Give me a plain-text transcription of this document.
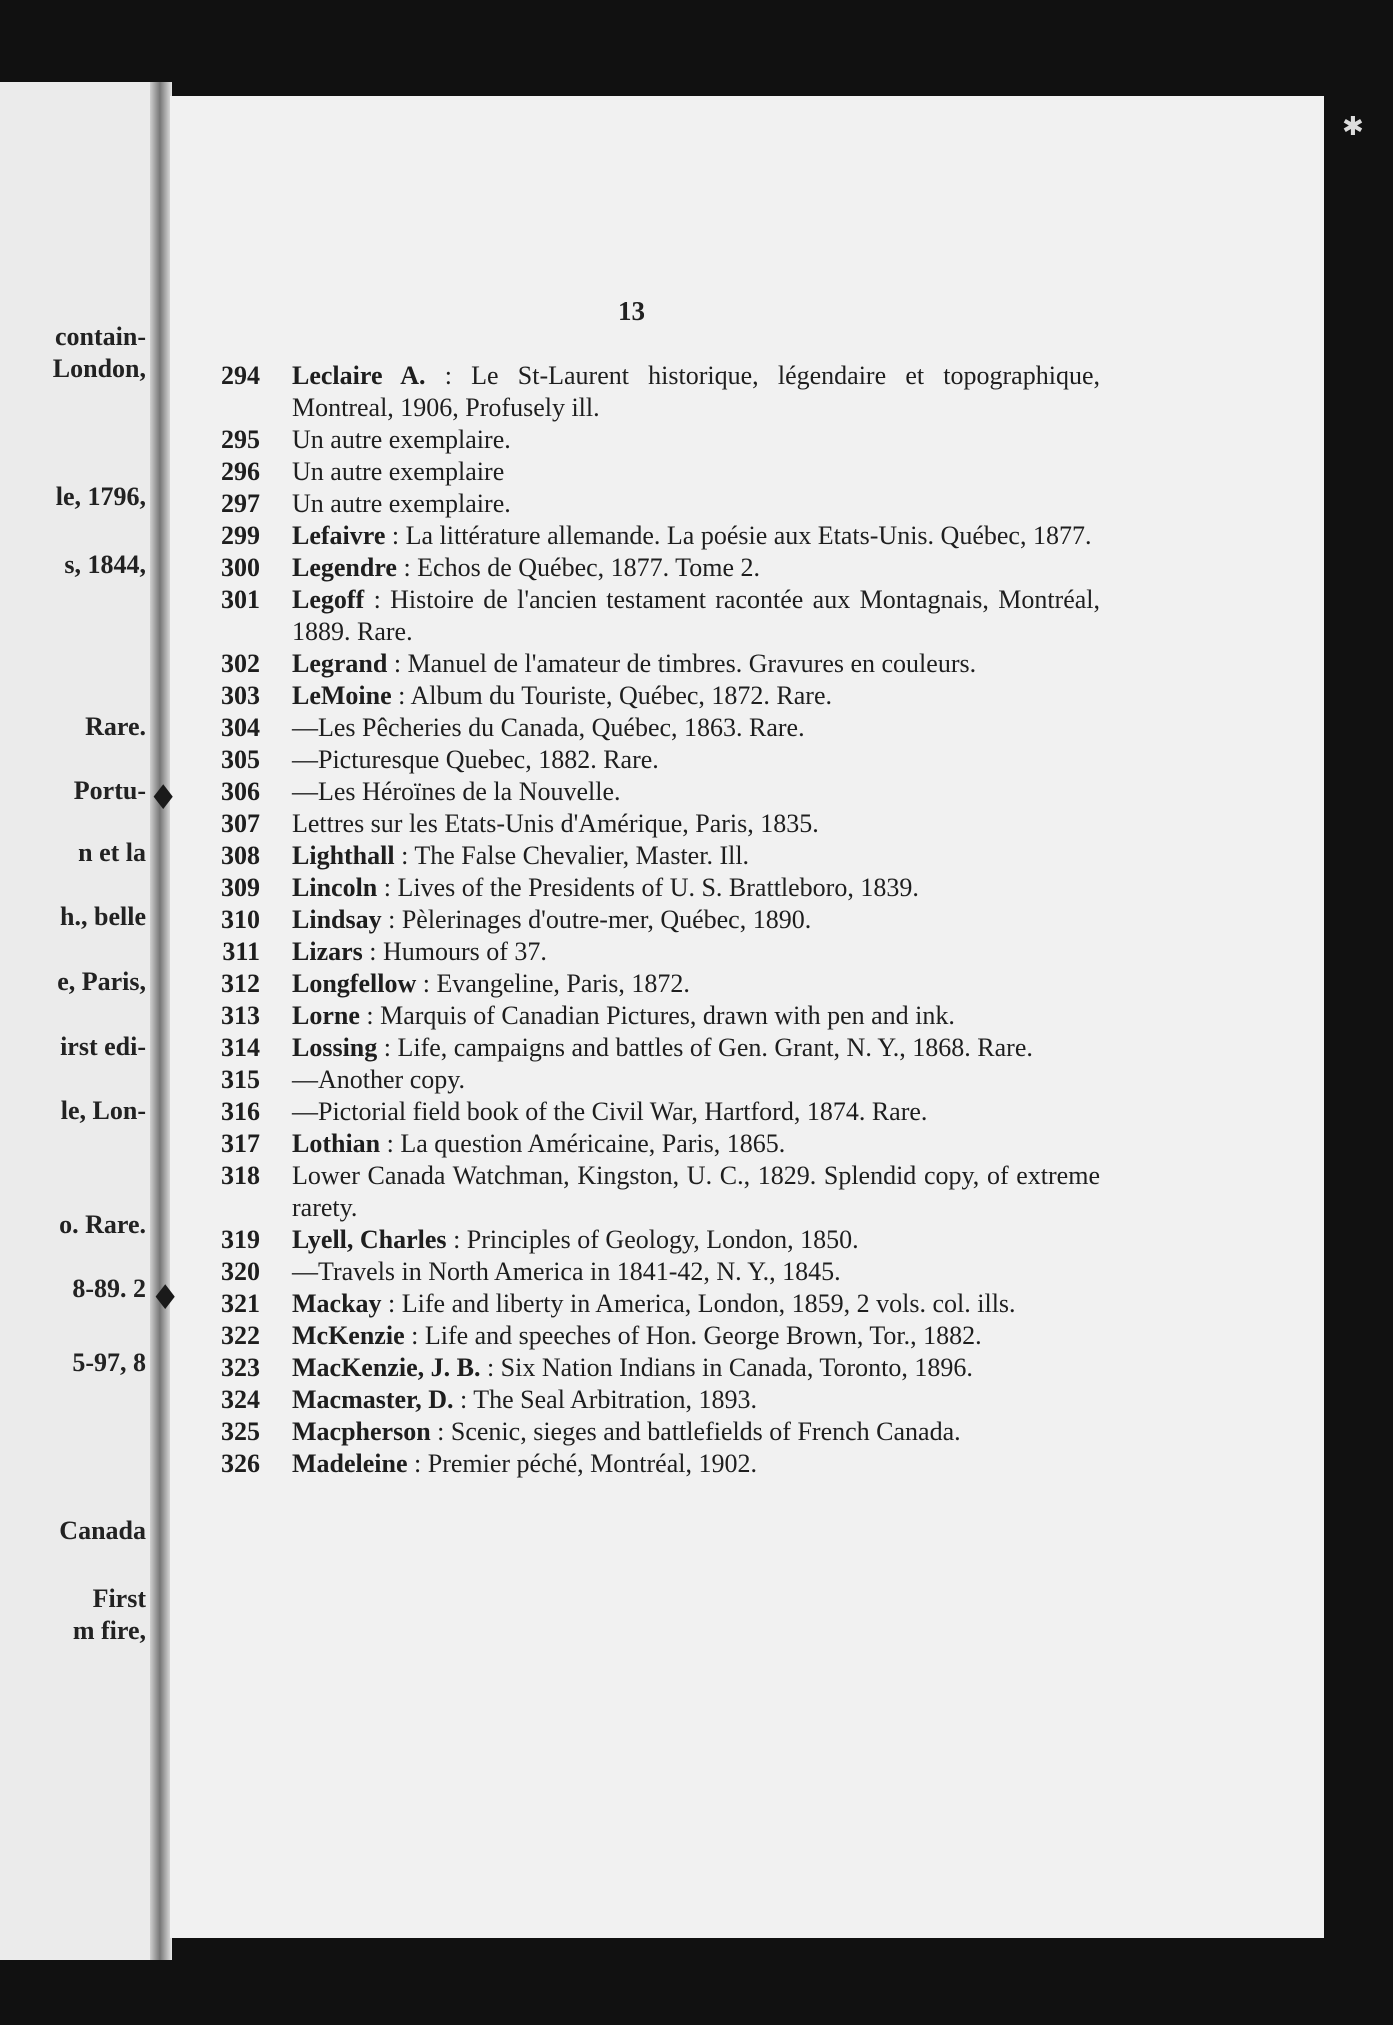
contain-
London,
le, 1796,
s, 1844,
Rare.
Portu-
n et la
h., belle
e, Paris,
irst edi-
le, Lon-
o. Rare.
8-89. 2
5-97, 8
Canada
First
m fire,
✱
♦
♦
13
294 Leclaire A. : Le St-Laurent historique, légendaire et topographique, Montreal, 1906, Profusely ill.
295 Un autre exemplaire.
296 Un autre exemplaire
297 Un autre exemplaire.
299 Lefaivre : La littérature allemande. La poésie aux Etats-Unis. Québec, 1877.
300 Legendre : Echos de Québec, 1877. Tome 2.
301 Legoff : Histoire de l'ancien testament racontée aux Montagnais, Montréal, 1889. Rare.
302 Legrand : Manuel de l'amateur de timbres. Gravures en couleurs.
303 LeMoine : Album du Touriste, Québec, 1872. Rare.
304 —Les Pêcheries du Canada, Québec, 1863. Rare.
305 —Picturesque Quebec, 1882. Rare.
306 —Les Héroïnes de la Nouvelle.
307 Lettres sur les Etats-Unis d'Amérique, Paris, 1835.
308 Lighthall : The False Chevalier, Master. Ill.
309 Lincoln : Lives of the Presidents of U. S. Brattleboro, 1839.
310 Lindsay : Pèlerinages d'outre-mer, Québec, 1890.
311 Lizars : Humours of 37.
312 Longfellow : Evangeline, Paris, 1872.
313 Lorne : Marquis of Canadian Pictures, drawn with pen and ink.
314 Lossing : Life, campaigns and battles of Gen. Grant, N. Y., 1868. Rare.
315 —Another copy.
316 —Pictorial field book of the Civil War, Hartford, 1874. Rare.
317 Lothian : La question Américaine, Paris, 1865.
318 Lower Canada Watchman, Kingston, U. C., 1829. Splendid copy, of extreme rarety.
319 Lyell, Charles : Principles of Geology, London, 1850.
320 —Travels in North America in 1841-42, N. Y., 1845.
321 Mackay : Life and liberty in America, London, 1859, 2 vols. col. ills.
322 McKenzie : Life and speeches of Hon. George Brown, Tor., 1882.
323 MacKenzie, J. B. : Six Nation Indians in Canada, Toronto, 1896.
324 Macmaster, D. : The Seal Arbitration, 1893.
325 Macpherson : Scenic, sieges and battlefields of French Canada.
326 Madeleine : Premier péché, Montréal, 1902.
